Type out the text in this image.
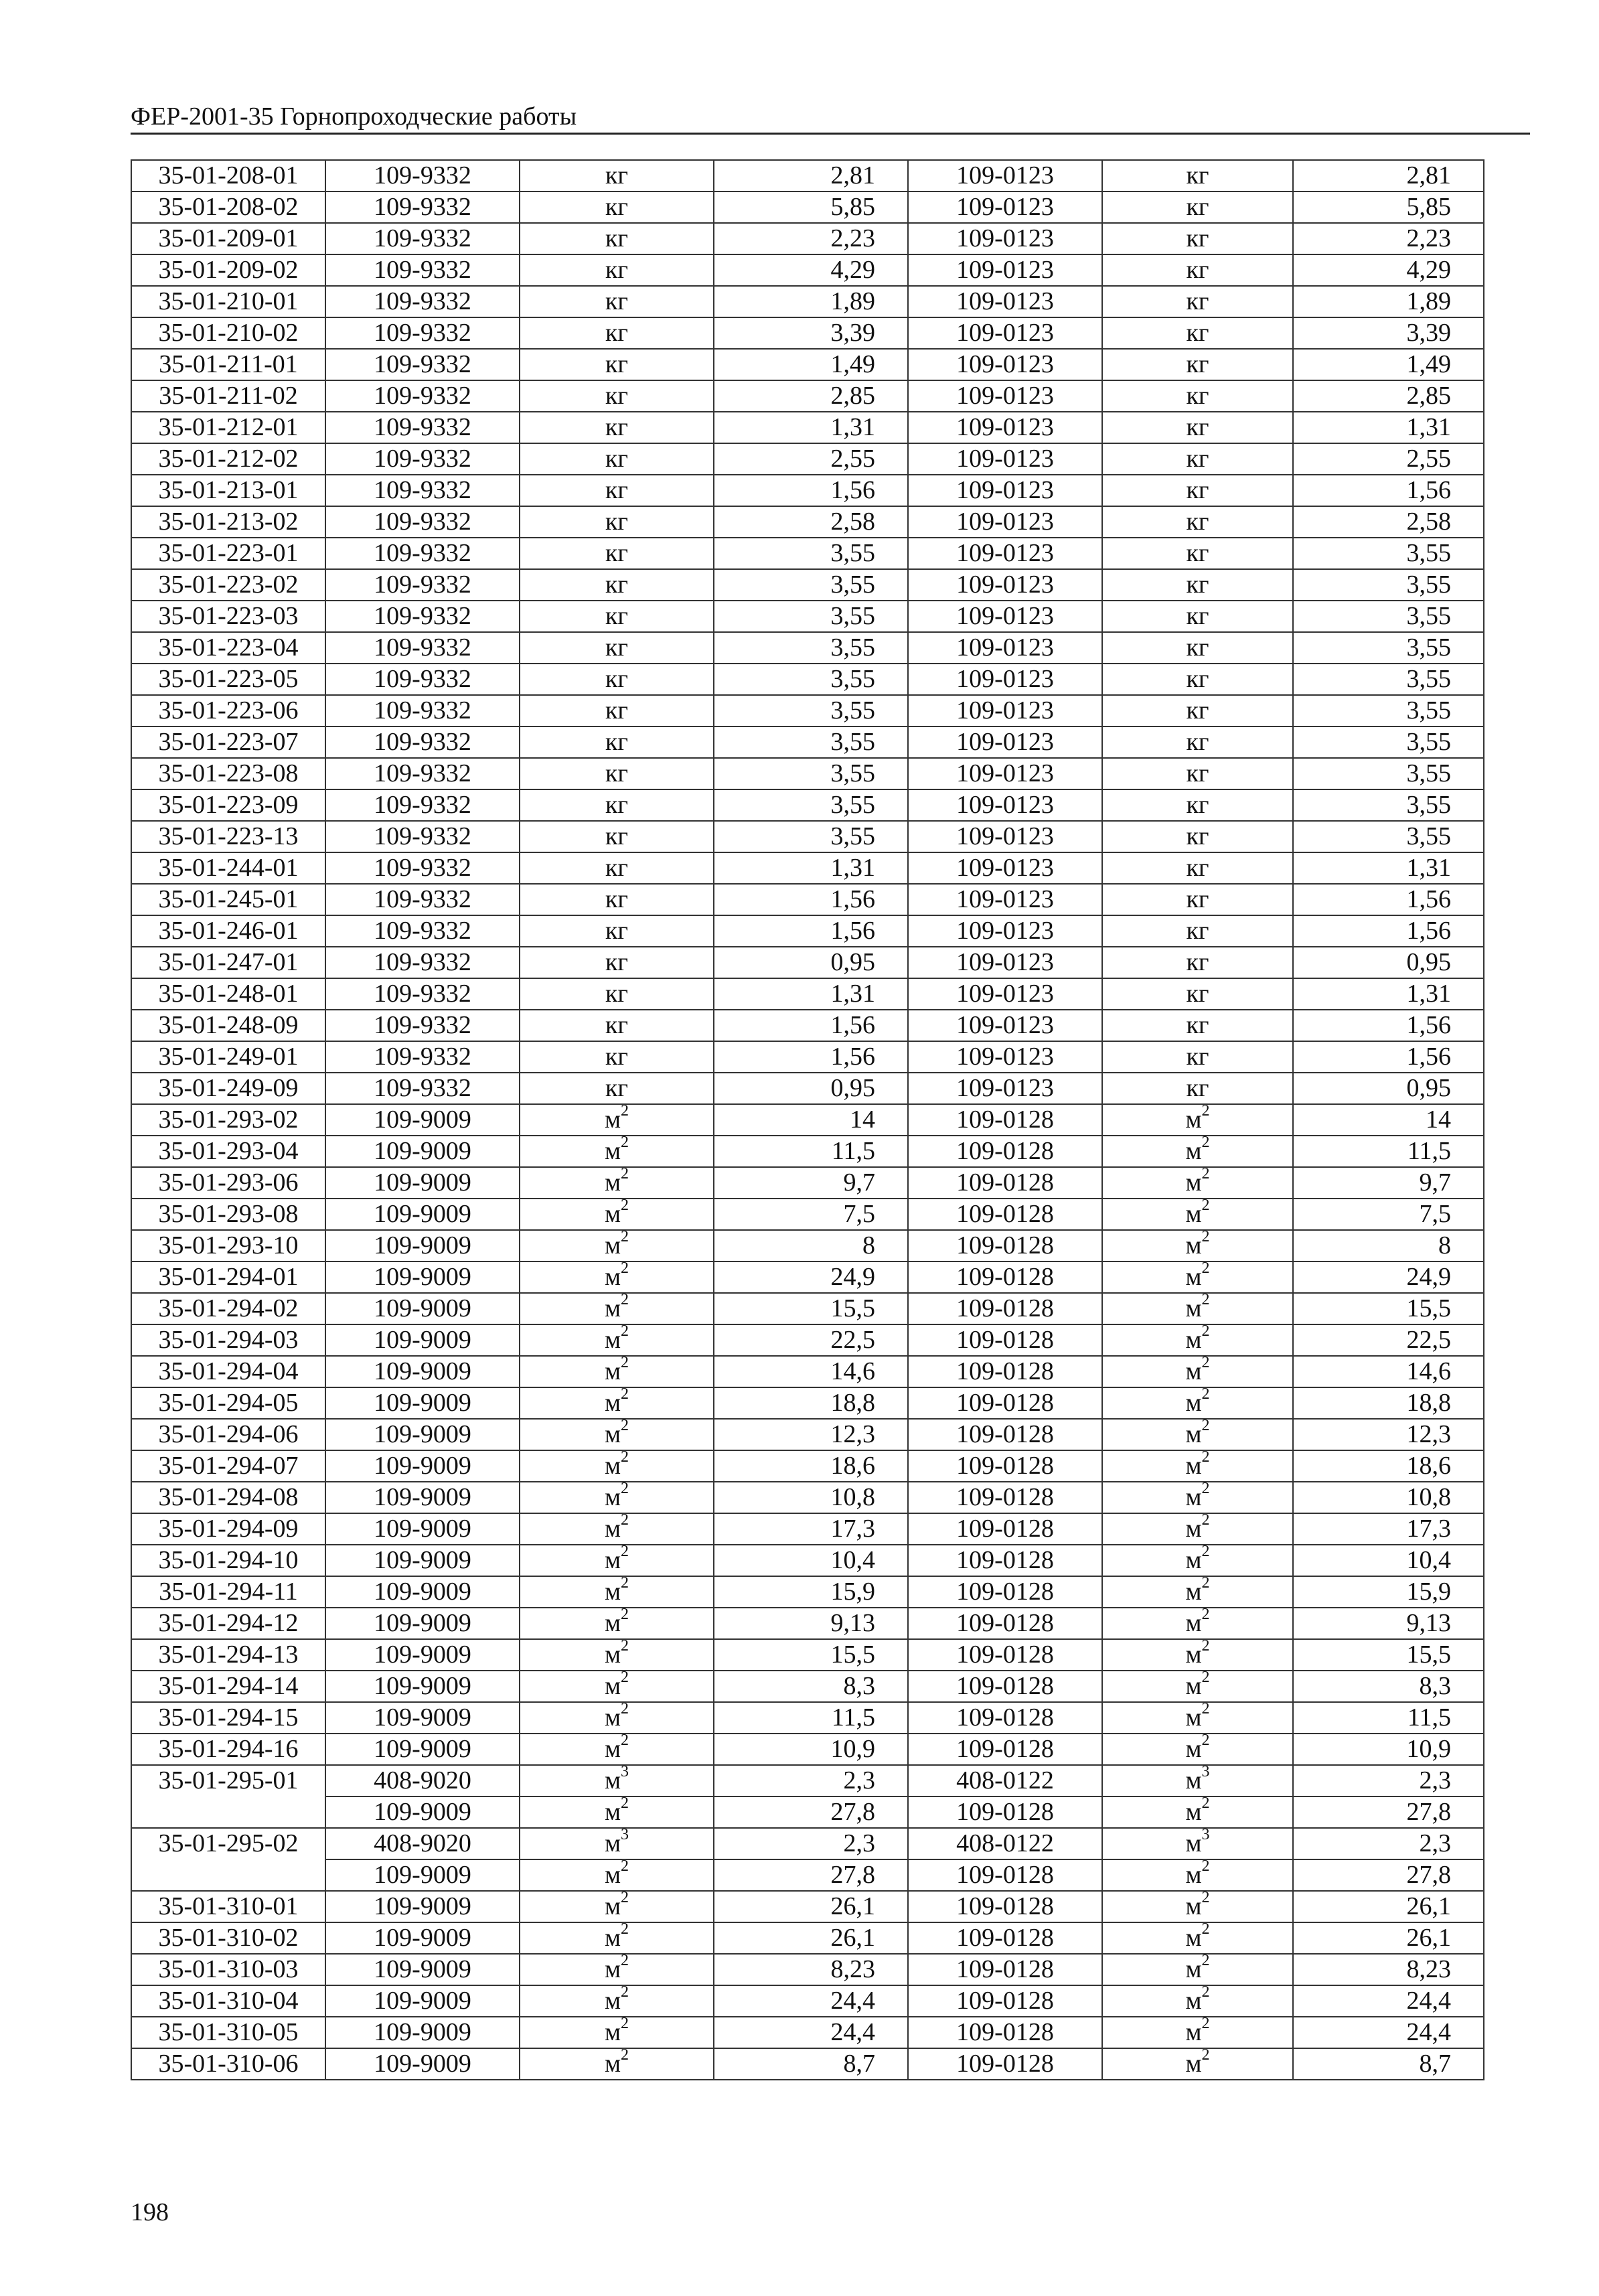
ФЕР-2001-35 Горнопроходческие работы
35-01-208-01	109-9332	кг	2,81	109-0123	кг	2,81
35-01-208-02	109-9332	кг	5,85	109-0123	кг	5,85
35-01-209-01	109-9332	кг	2,23	109-0123	кг	2,23
35-01-209-02	109-9332	кг	4,29	109-0123	кг	4,29
35-01-210-01	109-9332	кг	1,89	109-0123	кг	1,89
35-01-210-02	109-9332	кг	3,39	109-0123	кг	3,39
35-01-211-01	109-9332	кг	1,49	109-0123	кг	1,49
35-01-211-02	109-9332	кг	2,85	109-0123	кг	2,85
35-01-212-01	109-9332	кг	1,31	109-0123	кг	1,31
35-01-212-02	109-9332	кг	2,55	109-0123	кг	2,55
35-01-213-01	109-9332	кг	1,56	109-0123	кг	1,56
35-01-213-02	109-9332	кг	2,58	109-0123	кг	2,58
35-01-223-01	109-9332	кг	3,55	109-0123	кг	3,55
35-01-223-02	109-9332	кг	3,55	109-0123	кг	3,55
35-01-223-03	109-9332	кг	3,55	109-0123	кг	3,55
35-01-223-04	109-9332	кг	3,55	109-0123	кг	3,55
35-01-223-05	109-9332	кг	3,55	109-0123	кг	3,55
35-01-223-06	109-9332	кг	3,55	109-0123	кг	3,55
35-01-223-07	109-9332	кг	3,55	109-0123	кг	3,55
35-01-223-08	109-9332	кг	3,55	109-0123	кг	3,55
35-01-223-09	109-9332	кг	3,55	109-0123	кг	3,55
35-01-223-13	109-9332	кг	3,55	109-0123	кг	3,55
35-01-244-01	109-9332	кг	1,31	109-0123	кг	1,31
35-01-245-01	109-9332	кг	1,56	109-0123	кг	1,56
35-01-246-01	109-9332	кг	1,56	109-0123	кг	1,56
35-01-247-01	109-9332	кг	0,95	109-0123	кг	0,95
35-01-248-01	109-9332	кг	1,31	109-0123	кг	1,31
35-01-248-09	109-9332	кг	1,56	109-0123	кг	1,56
35-01-249-01	109-9332	кг	1,56	109-0123	кг	1,56
35-01-249-09	109-9332	кг	0,95	109-0123	кг	0,95
35-01-293-02	109-9009	$м^2$	14	109-0128	$м^2$	14
35-01-293-04	109-9009	$м^2$	11,5	109-0128	$м^2$	11,5
35-01-293-06	109-9009	$м^2$	9,7	109-0128	$м^2$	9,7
35-01-293-08	109-9009	$м^2$	7,5	109-0128	$м^2$	7,5
35-01-293-10	109-9009	$м^2$	8	109-0128	$м^2$	8
35-01-294-01	109-9009	$м^2$	24,9	109-0128	$м^2$	24,9
35-01-294-02	109-9009	$м^2$	15,5	109-0128	$м^2$	15,5
35-01-294-03	109-9009	$м^2$	22,5	109-0128	$м^2$	22,5
35-01-294-04	109-9009	$м^2$	14,6	109-0128	$м^2$	14,6
35-01-294-05	109-9009	$м^2$	18,8	109-0128	$м^2$	18,8
35-01-294-06	109-9009	$м^2$	12,3	109-0128	$м^2$	12,3
35-01-294-07	109-9009	$м^2$	18,6	109-0128	$м^2$	18,6
35-01-294-08	109-9009	$м^2$	10,8	109-0128	$м^2$	10,8
35-01-294-09	109-9009	$м^2$	17,3	109-0128	$м^2$	17,3
35-01-294-10	109-9009	$м^2$	10,4	109-0128	$м^2$	10,4
35-01-294-11	109-9009	$м^2$	15,9	109-0128	$м^2$	15,9
35-01-294-12	109-9009	$м^2$	9,13	109-0128	$м^2$	9,13
35-01-294-13	109-9009	$м^2$	15,5	109-0128	$м^2$	15,5
35-01-294-14	109-9009	$м^2$	8,3	109-0128	$м^2$	8,3
35-01-294-15	109-9009	$м^2$	11,5	109-0128	$м^2$	11,5
35-01-294-16	109-9009	$м^2$	10,9	109-0128	$м^2$	10,9
35-01-295-01	408-9020	$м^3$	2,3	408-0122	$м^3$	2,3
	109-9009	$м^2$	27,8	109-0128	$м^2$	27,8
35-01-295-02	408-9020	$м^3$	2,3	408-0122	$м^3$	2,3
	109-9009	$м^2$	27,8	109-0128	$м^2$	27,8
35-01-310-01	109-9009	$м^2$	26,1	109-0128	$м^2$	26,1
35-01-310-02	109-9009	$м^2$	26,1	109-0128	$м^2$	26,1
35-01-310-03	109-9009	$м^2$	8,23	109-0128	$м^2$	8,23
35-01-310-04	109-9009	$м^2$	24,4	109-0128	$м^2$	24,4
35-01-310-05	109-9009	$м^2$	24,4	109-0128	$м^2$	24,4
35-01-310-06	109-9009	$м^2$	8,7	109-0128	$м^2$	8,7
198
